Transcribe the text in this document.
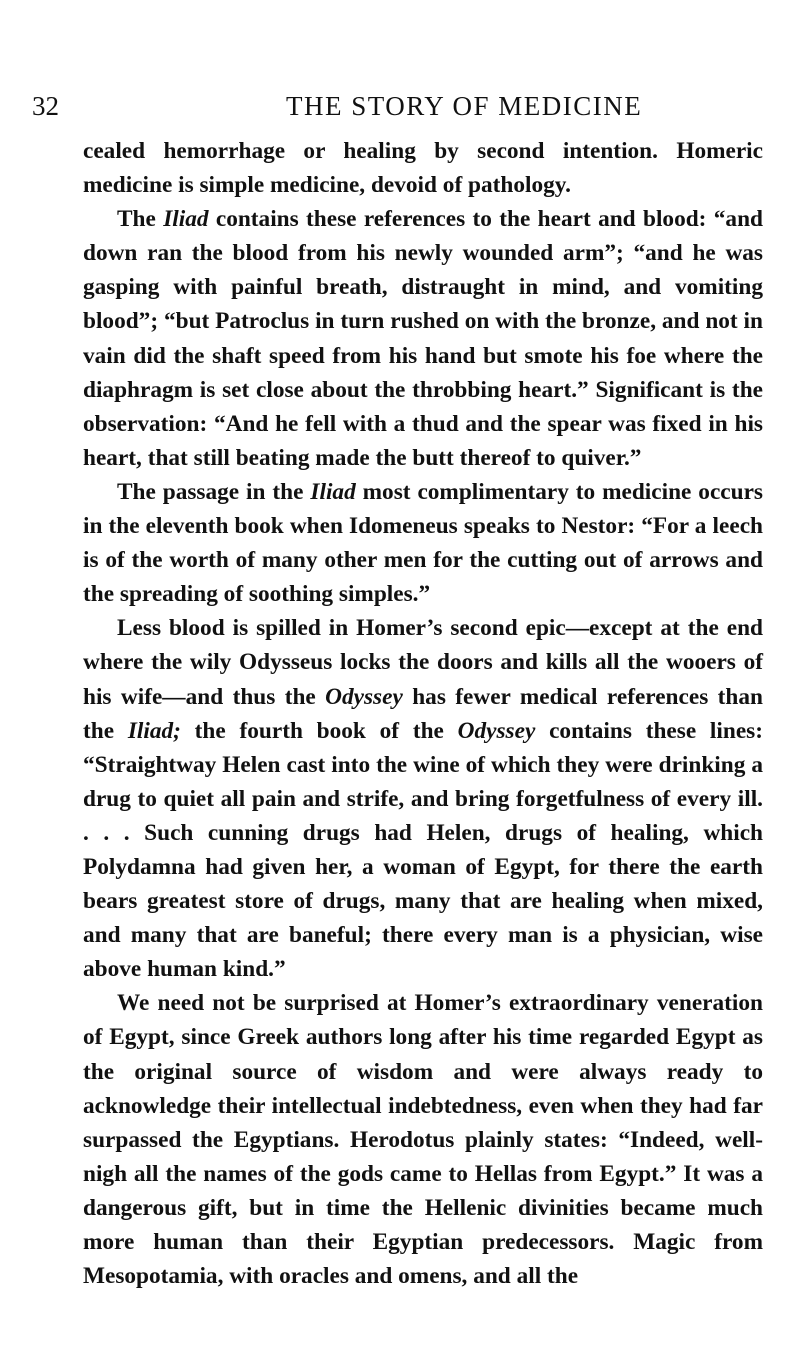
32	THE STORY OF MEDICINE

cealed hemorrhage or healing by second intention. Homeric medicine is simple medicine, devoid of pathology.

The Iliad contains these references to the heart and blood: “and down ran the blood from his newly wounded arm”; “and he was gasping with painful breath, distraught in mind, and vomiting blood”; “but Patroclus in turn rushed on with the bronze, and not in vain did the shaft speed from his hand but smote his foe where the diaphragm is set close about the throbbing heart.” Significant is the observation: “And he fell with a thud and the spear was fixed in his heart, that still beating made the butt thereof to quiver.”

The passage in the Iliad most complimentary to medicine occurs in the eleventh book when Idomeneus speaks to Nestor: “For a leech is of the worth of many other men for the cutting out of arrows and the spreading of soothing simples.”

Less blood is spilled in Homer’s second epic—except at the end where the wily Odysseus locks the doors and kills all the wooers of his wife—and thus the Odyssey has fewer medical references than the Iliad; the fourth book of the Odyssey contains these lines: “Straightway Helen cast into the wine of which they were drinking a drug to quiet all pain and strife, and bring forgetfulness of every ill. . . . Such cunning drugs had Helen, drugs of healing, which Polydamna had given her, a woman of Egypt, for there the earth bears greatest store of drugs, many that are healing when mixed, and many that are baneful; there every man is a physician, wise above human kind.”

We need not be surprised at Homer’s extraordinary veneration of Egypt, since Greek authors long after his time regarded Egypt as the original source of wisdom and were always ready to acknowledge their intellectual indebtedness, even when they had far surpassed the Egyptians. Herodotus plainly states: “Indeed, well-nigh all the names of the gods came to Hellas from Egypt.” It was a dangerous gift, but in time the Hellenic divinities became much more human than their Egyptian predecessors. Magic from Mesopotamia, with oracles and omens, and all the
